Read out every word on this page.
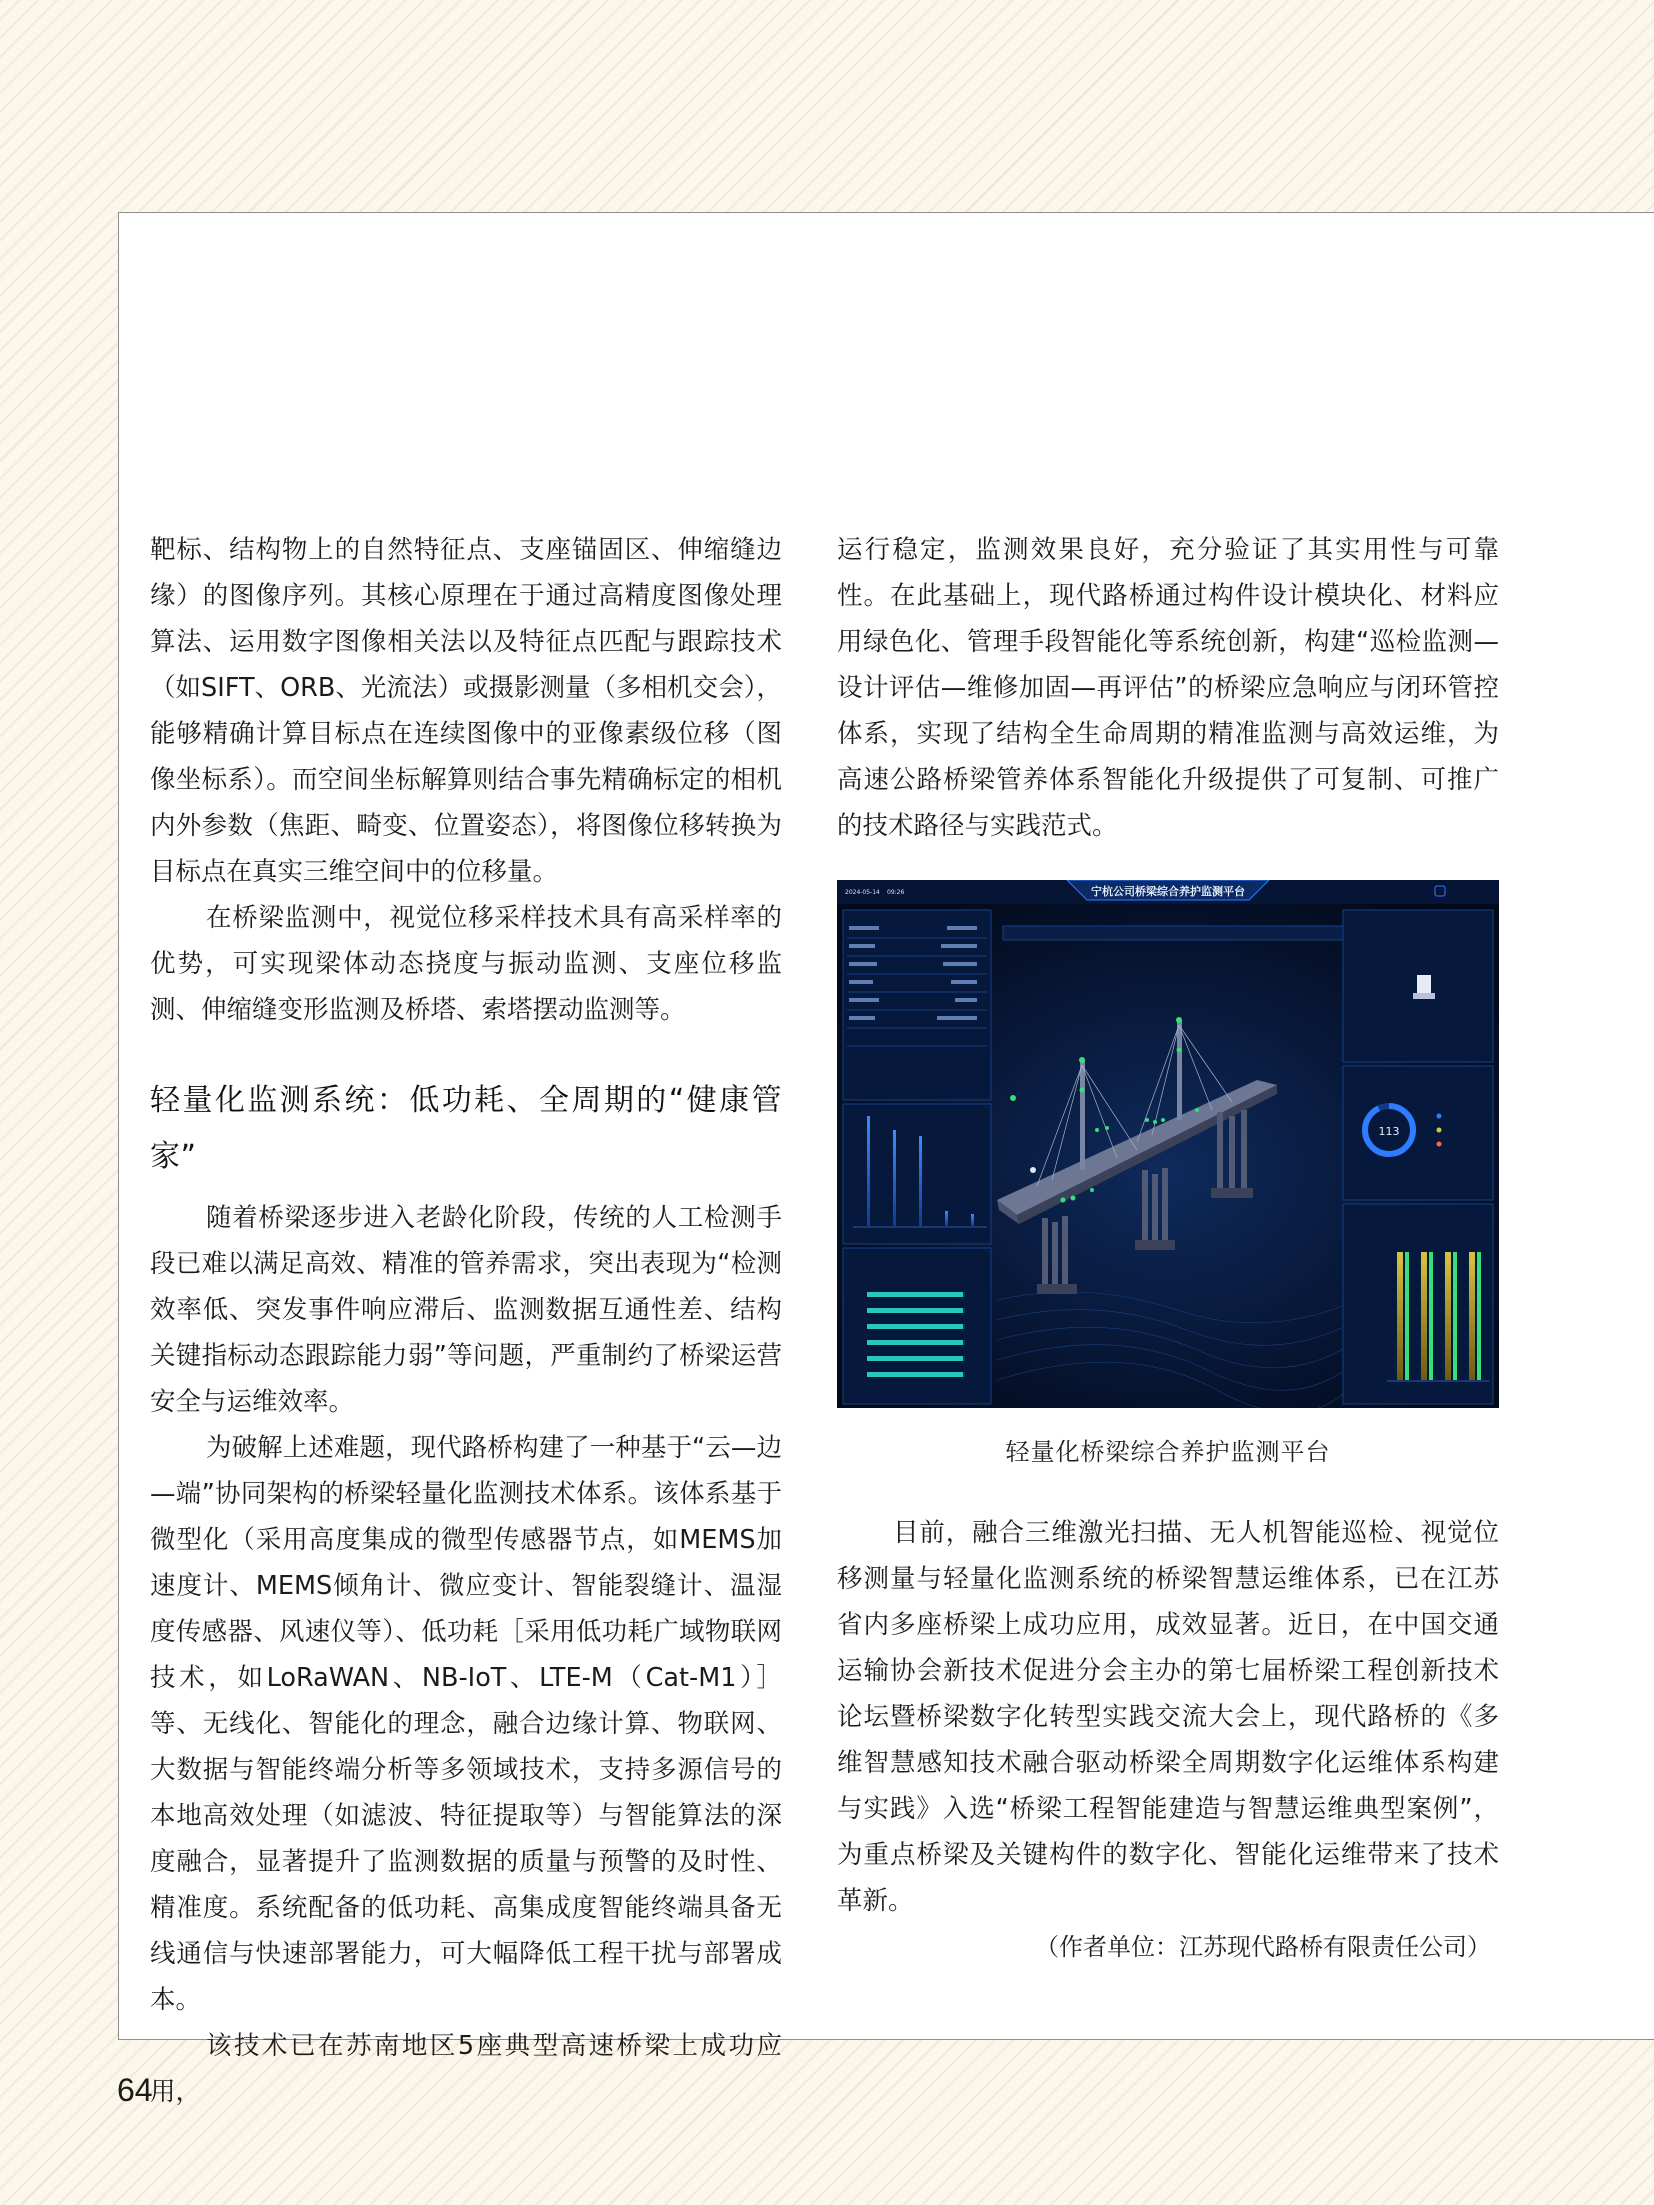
靶标、结构物上的自然特征点、支座锚固区、伸缩缝边缘）的图像序列。其核心原理在于通过高精度图像处理算法、运用数字图像相关法以及特征点匹配与跟踪技术（如SIFT、ORB、光流法）或摄影测量（多相机交会），能够精确计算目标点在连续图像中的亚像素级位移（图像坐标系）。而空间坐标解算则结合事先精确标定的相机内外参数（焦距、畸变、位置姿态），将图像位移转换为目标点在真实三维空间中的位移量。

在桥梁监测中，视觉位移采样技术具有高采样率的优势，可实现梁体动态挠度与振动监测、支座位移监测、伸缩缝变形监测及桥塔、索塔摆动监测等。

轻量化监测系统：低功耗、全周期的“健康管家”

随着桥梁逐步进入老龄化阶段，传统的人工检测手段已难以满足高效、精准的管养需求，突出表现为“检测效率低、突发事件响应滞后、监测数据互通性差、结构关键指标动态跟踪能力弱”等问题，严重制约了桥梁运营安全与运维效率。

为破解上述难题，现代路桥构建了一种基于“云—边—端”协同架构的桥梁轻量化监测技术体系。该体系基于微型化（采用高度集成的微型传感器节点，如MEMS加速度计、MEMS倾角计、微应变计、智能裂缝计、温湿度传感器、风速仪等）、低功耗［采用低功耗广域物联网技术，如LoRaWAN、NB-IoT、LTE-M（Cat-M1）］等、无线化、智能化的理念，融合边缘计算、物联网、大数据与智能终端分析等多领域技术，支持多源信号的本地高效处理（如滤波、特征提取等）与智能算法的深度融合，显著提升了监测数据的质量与预警的及时性、精准度。系统配备的低功耗、高集成度智能终端具备无线通信与快速部署能力，可大幅降低工程干扰与部署成本。

该技术已在苏南地区5座典型高速桥梁上成功应用，

运行稳定，监测效果良好，充分验证了其实用性与可靠性。在此基础上，现代路桥通过构件设计模块化、材料应用绿色化、管理手段智能化等系统创新，构建“巡检监测—设计评估—维修加固—再评估”的桥梁应急响应与闭环管控体系，实现了结构全生命周期的精准监测与高效运维，为高速公路桥梁管养体系智能化升级提供了可复制、可推广的技术路径与实践范式。

宁杭公司桥梁综合养护监测平台
2024-05-14 09:26
113
轻量化桥梁综合养护监测平台

目前，融合三维激光扫描、无人机智能巡检、视觉位移测量与轻量化监测系统的桥梁智慧运维体系，已在江苏省内多座桥梁上成功应用，成效显著。近日，在中国交通运输协会新技术促进分会主办的第七届桥梁工程创新技术论坛暨桥梁数字化转型实践交流大会上，现代路桥的《多维智慧感知技术融合驱动桥梁全周期数字化运维体系构建与实践》入选“桥梁工程智能建造与智慧运维典型案例”，为重点桥梁及关键构件的数字化、智能化运维带来了技术革新。

（作者单位：江苏现代路桥有限责任公司）

64
